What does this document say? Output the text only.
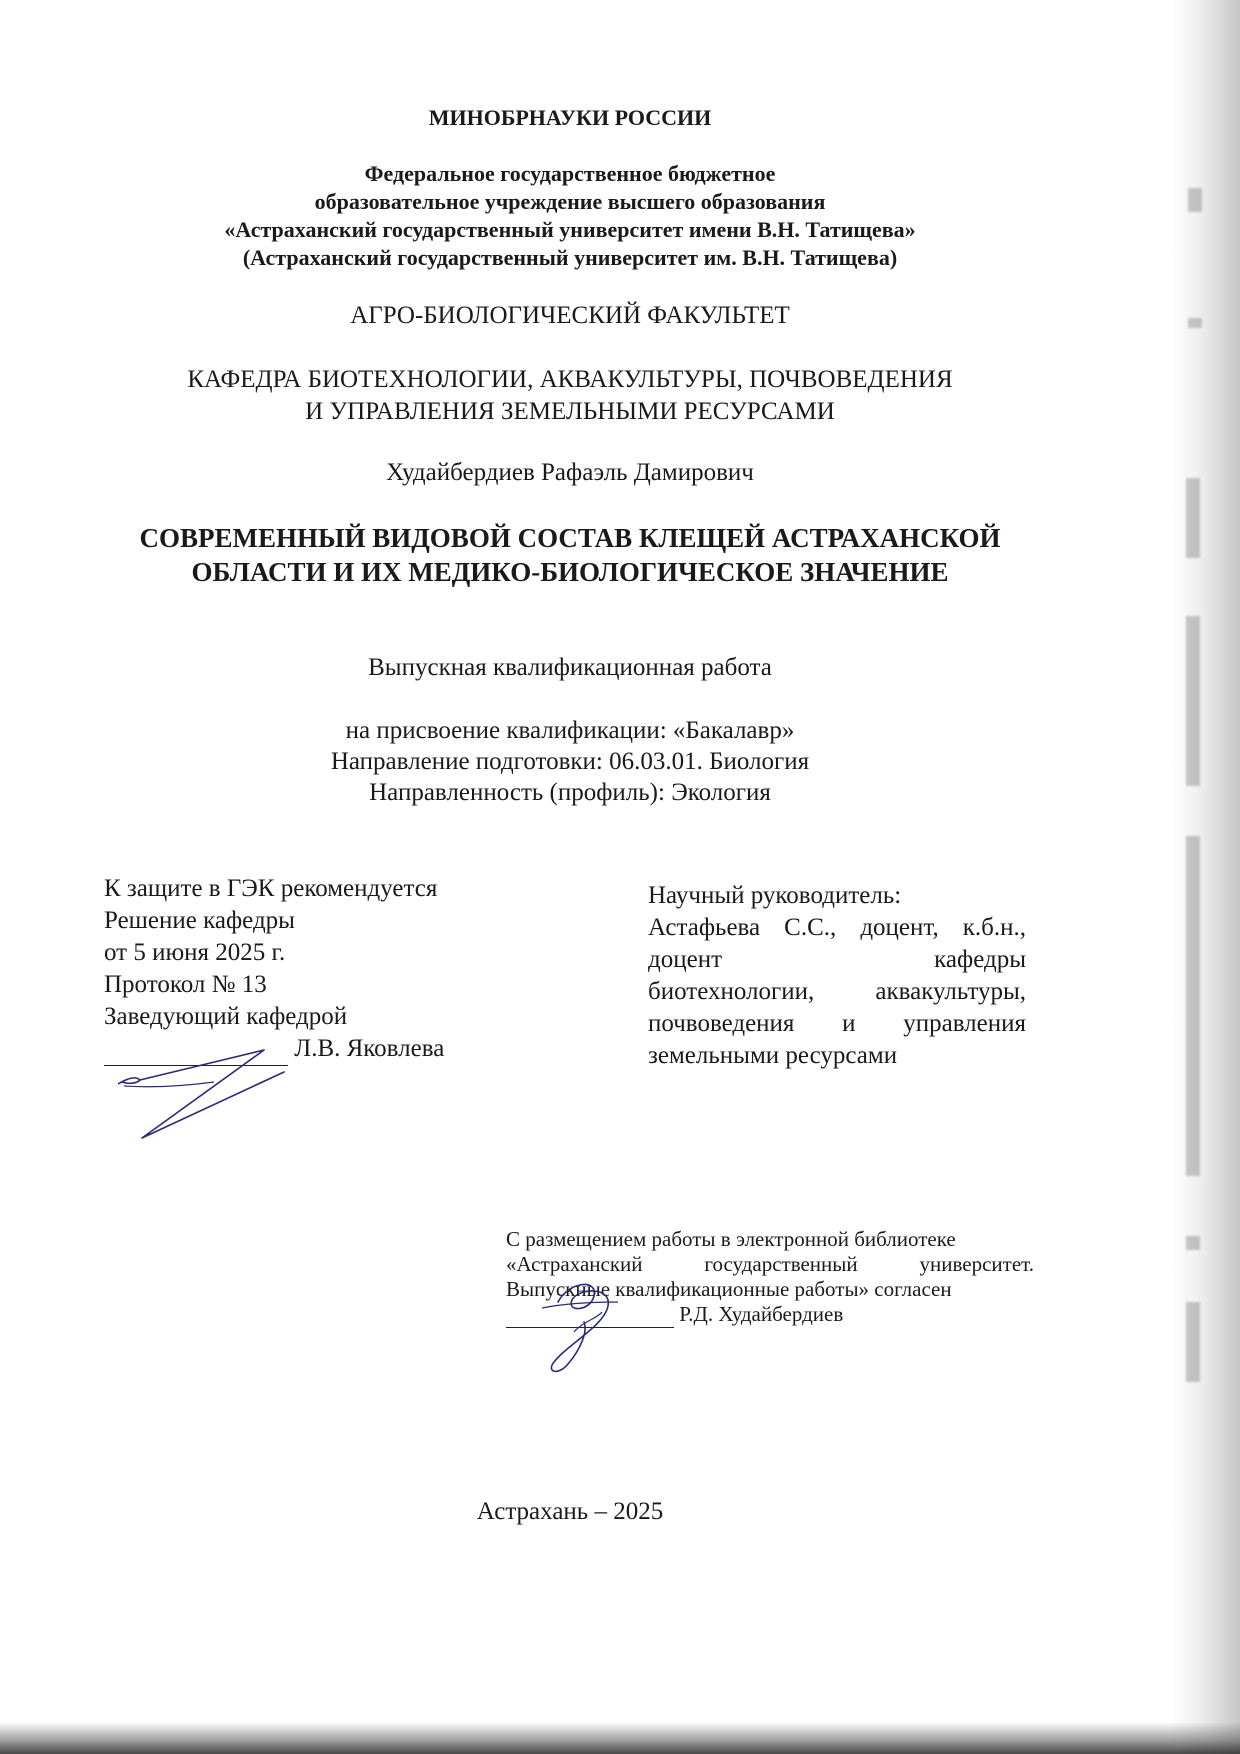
МИНОБРНАУКИ РОССИИ
Федеральное государственное бюджетное
образовательное учреждение высшего образования
«Астраханский государственный университет имени В.Н. Татищева»
(Астраханский государственный университет им. В.Н. Татищева)
АГРО-БИОЛОГИЧЕСКИЙ ФАКУЛЬТЕТ
КАФЕДРА БИОТЕХНОЛОГИИ, АКВАКУЛЬТУРЫ, ПОЧВОВЕДЕНИЯ
И УПРАВЛЕНИЯ ЗЕМЕЛЬНЫМИ РЕСУРСАМИ
Худайбердиев Рафаэль Дамирович
СОВРЕМЕННЫЙ ВИДОВОЙ СОСТАВ КЛЕЩЕЙ АСТРАХАНСКОЙ
ОБЛАСТИ И ИХ МЕДИКО-БИОЛОГИЧЕСКОЕ ЗНАЧЕНИЕ
Выпускная квалификационная работа
на присвоение квалификации: «Бакалавр»
Направление подготовки: 06.03.01. Биология
Направленность (профиль): Экология
К защите в ГЭК рекомендуется
Решение кафедры
от 5 июня 2025 г.
Протокол № 13
Заведующий кафедрой
Л.В. Яковлева
Научный руководитель:
Астафьева С.С., доцент, к.б.н.,
доцент кафедры
биотехнологии, аквакультуры,
почвоведения и управления
земельными ресурсами
С размещением работы в электронной библиотеке
«Астраханский государственный университет.
Выпускные квалификационные работы» согласен
Р.Д. Худайбердиев
Астрахань – 2025
